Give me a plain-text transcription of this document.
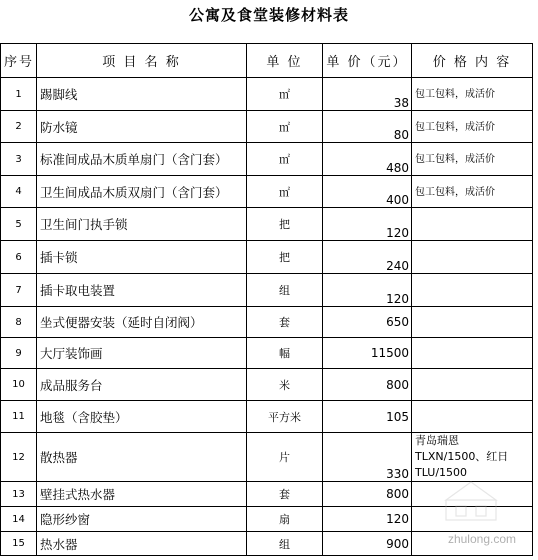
公寓及食堂装修材料表
序号	项 目 名 称	单 位	单 价（元）	价 格 内 容
1	踢脚线	㎡	38	包工包料，成活价
2	防水镜	㎡	80	包工包料，成活价
3	标准间成品木质单扇门（含门套）	㎡	480	包工包料，成活价
4	卫生间成品木质双扇门（含门套）	㎡	400	包工包料，成活价
5	卫生间门执手锁	把	120	
6	插卡锁	把	240	
7	插卡取电装置	组	120	
8	坐式便器安装（延时自闭阀）	套	650	
9	大厅装饰画	幅	11500	
10	成品服务台	米	800	
11	地毯（含胶垫）	平方米	105	
12	散热器	片	330	青岛瑞恩TLXN/1500、红日TLU/1500
13	壁挂式热水器	套	800	
14	隐形纱窗	扇	120	
15	热水器	组	900		zhulong.com
